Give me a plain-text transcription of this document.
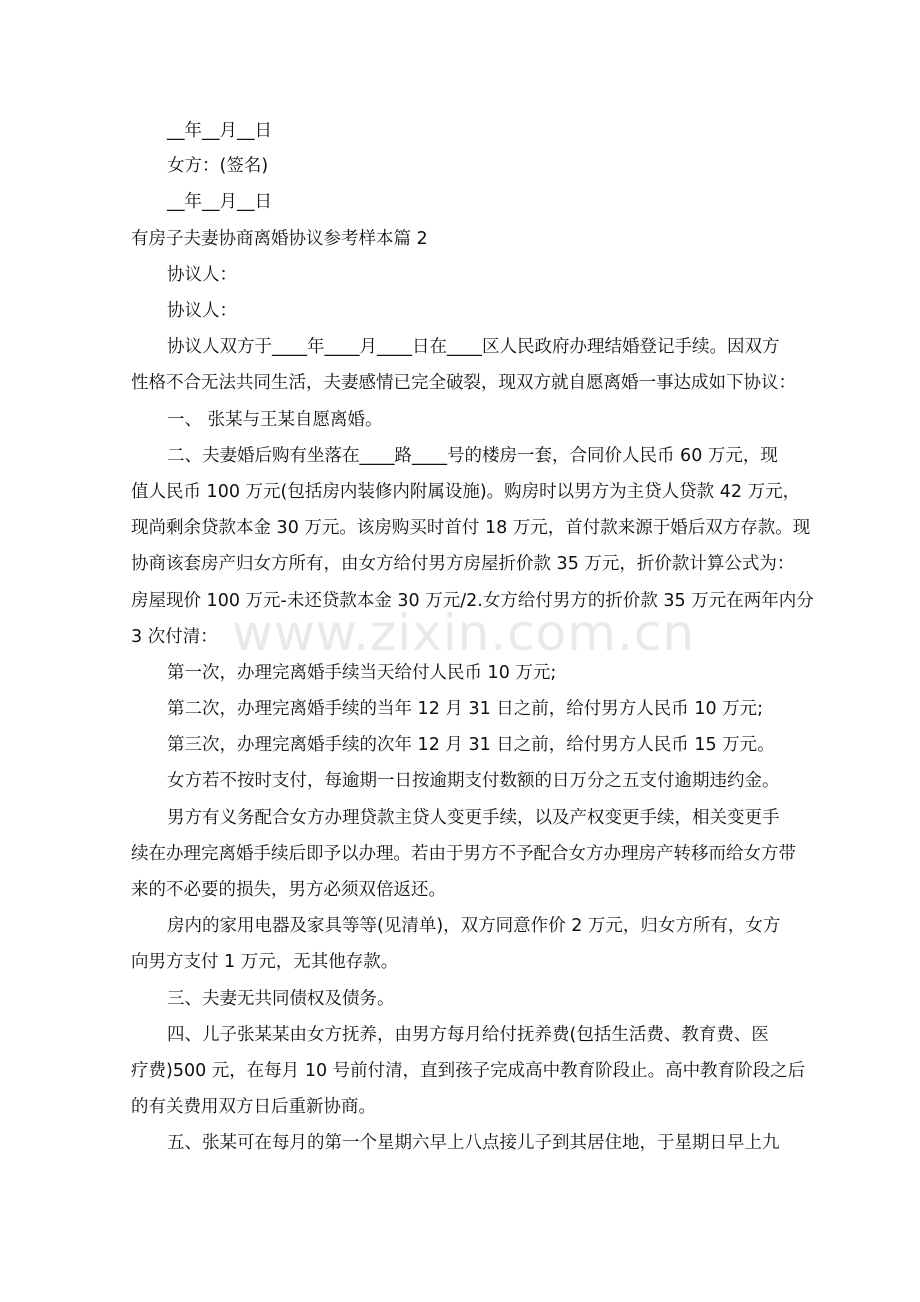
www.zixin.com.cn
__年__月__日
女方：(签名)
__年__月__日
有房子夫妻协商离婚协议参考样本篇 2
协议人：
协议人：
协议人双方于____年____月____日在____区人民政府办理结婚登记手续。因双方
性格不合无法共同生活，夫妻感情已完全破裂，现双方就自愿离婚一事达成如下协议：
一、 张某与王某自愿离婚。
二、夫妻婚后购有坐落在____路____号的楼房一套，合同价人民币 60 万元，现
值人民币 100 万元(包括房内装修内附属设施)。购房时以男方为主贷人贷款 42 万元，
现尚剩余贷款本金 30 万元。该房购买时首付 18 万元，首付款来源于婚后双方存款。现
协商该套房产归女方所有，由女方给付男方房屋折价款 35 万元，折价款计算公式为：
房屋现价 100 万元-未还贷款本金 30 万元/2.女方给付男方的折价款 35 万元在两年内分
3 次付清：
第一次，办理完离婚手续当天给付人民币 10 万元;
第二次，办理完离婚手续的当年 12 月 31 日之前，给付男方人民币 10 万元;
第三次，办理完离婚手续的次年 12 月 31 日之前，给付男方人民币 15 万元。
女方若不按时支付，每逾期一日按逾期支付数额的日万分之五支付逾期违约金。
男方有义务配合女方办理贷款主贷人变更手续，以及产权变更手续，相关变更手
续在办理完离婚手续后即予以办理。若由于男方不予配合女方办理房产转移而给女方带
来的不必要的损失，男方必须双倍返还。
房内的家用电器及家具等等(见清单)，双方同意作价 2 万元，归女方所有，女方
向男方支付 1 万元，无其他存款。
三、夫妻无共同债权及债务。
四、儿子张某某由女方抚养，由男方每月给付抚养费(包括生活费、教育费、医
疗费)500 元，在每月 10 号前付清，直到孩子完成高中教育阶段止。高中教育阶段之后
的有关费用双方日后重新协商。
五、张某可在每月的第一个星期六早上八点接儿子到其居住地，于星期日早上九
